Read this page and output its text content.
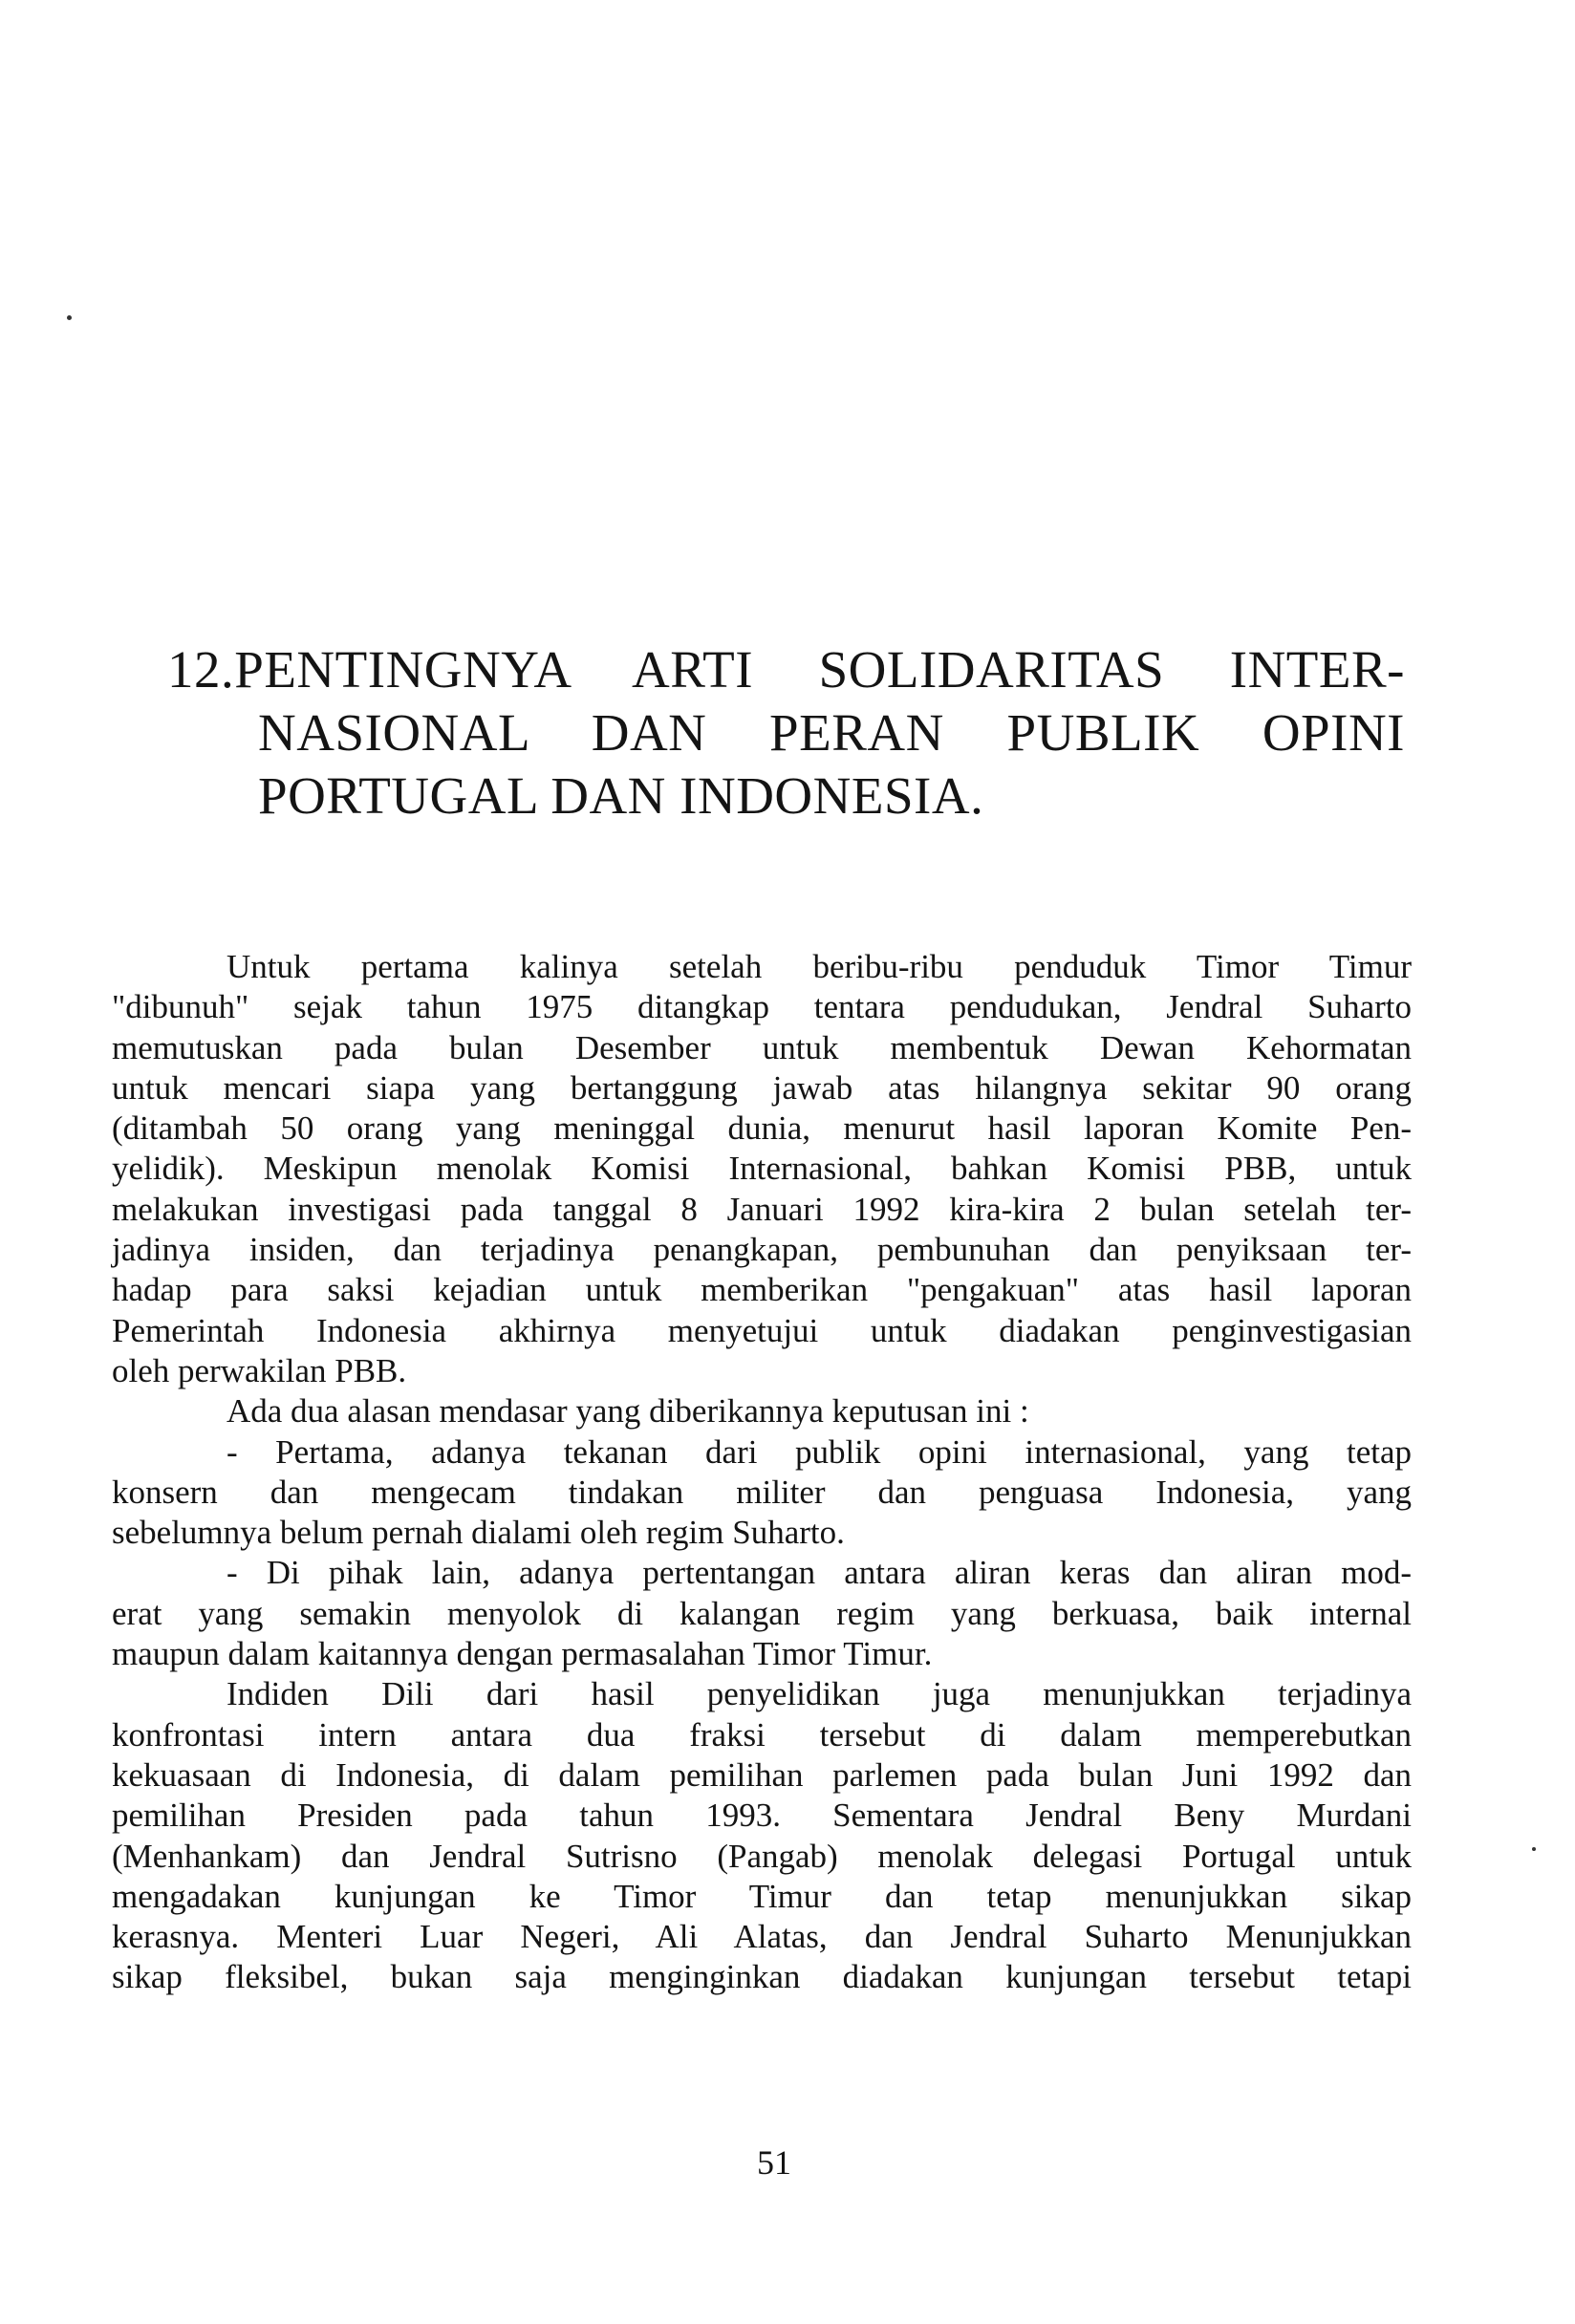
12.PENTINGNYA ARTI SOLIDARITAS INTER-
NASIONAL DAN PERAN PUBLIK OPINI
PORTUGAL DAN INDONESIA.
Untuk pertama kalinya setelah beribu-ribu penduduk Timor Timur
"dibunuh" sejak tahun 1975 ditangkap tentara pendudukan, Jendral Suharto
memutuskan pada bulan Desember untuk membentuk Dewan Kehormatan
untuk mencari siapa yang bertanggung jawab atas hilangnya sekitar 90 orang
(ditambah 50 orang yang meninggal dunia, menurut hasil laporan Komite Pen-
yelidik). Meskipun menolak Komisi Internasional, bahkan Komisi PBB, untuk
melakukan investigasi pada tanggal 8 Januari 1992 kira-kira 2 bulan setelah ter-
jadinya insiden, dan terjadinya penangkapan, pembunuhan dan penyiksaan ter-
hadap para saksi kejadian untuk memberikan "pengakuan" atas hasil laporan
Pemerintah Indonesia akhirnya menyetujui untuk diadakan penginvestigasian
oleh perwakilan PBB.
Ada dua alasan mendasar yang diberikannya keputusan ini :
- Pertama, adanya tekanan dari publik opini internasional, yang tetap
konsern dan mengecam tindakan militer dan penguasa Indonesia, yang
sebelumnya belum pernah dialami oleh regim Suharto.
- Di pihak lain, adanya pertentangan antara aliran keras dan aliran mod-
erat yang semakin menyolok di kalangan regim yang berkuasa, baik internal
maupun dalam kaitannya dengan permasalahan Timor Timur.
Indiden Dili dari hasil penyelidikan juga menunjukkan terjadinya
konfrontasi intern antara dua fraksi tersebut di dalam memperebutkan
kekuasaan di Indonesia, di dalam pemilihan parlemen pada bulan Juni 1992 dan
pemilihan Presiden pada tahun 1993. Sementara Jendral Beny Murdani
(Menhankam) dan Jendral Sutrisno (Pangab) menolak delegasi Portugal untuk
mengadakan kunjungan ke Timor Timur dan tetap menunjukkan sikap
kerasnya. Menteri Luar Negeri, Ali Alatas, dan Jendral Suharto Menunjukkan
sikap fleksibel, bukan saja menginginkan diadakan kunjungan tersebut tetapi
51
